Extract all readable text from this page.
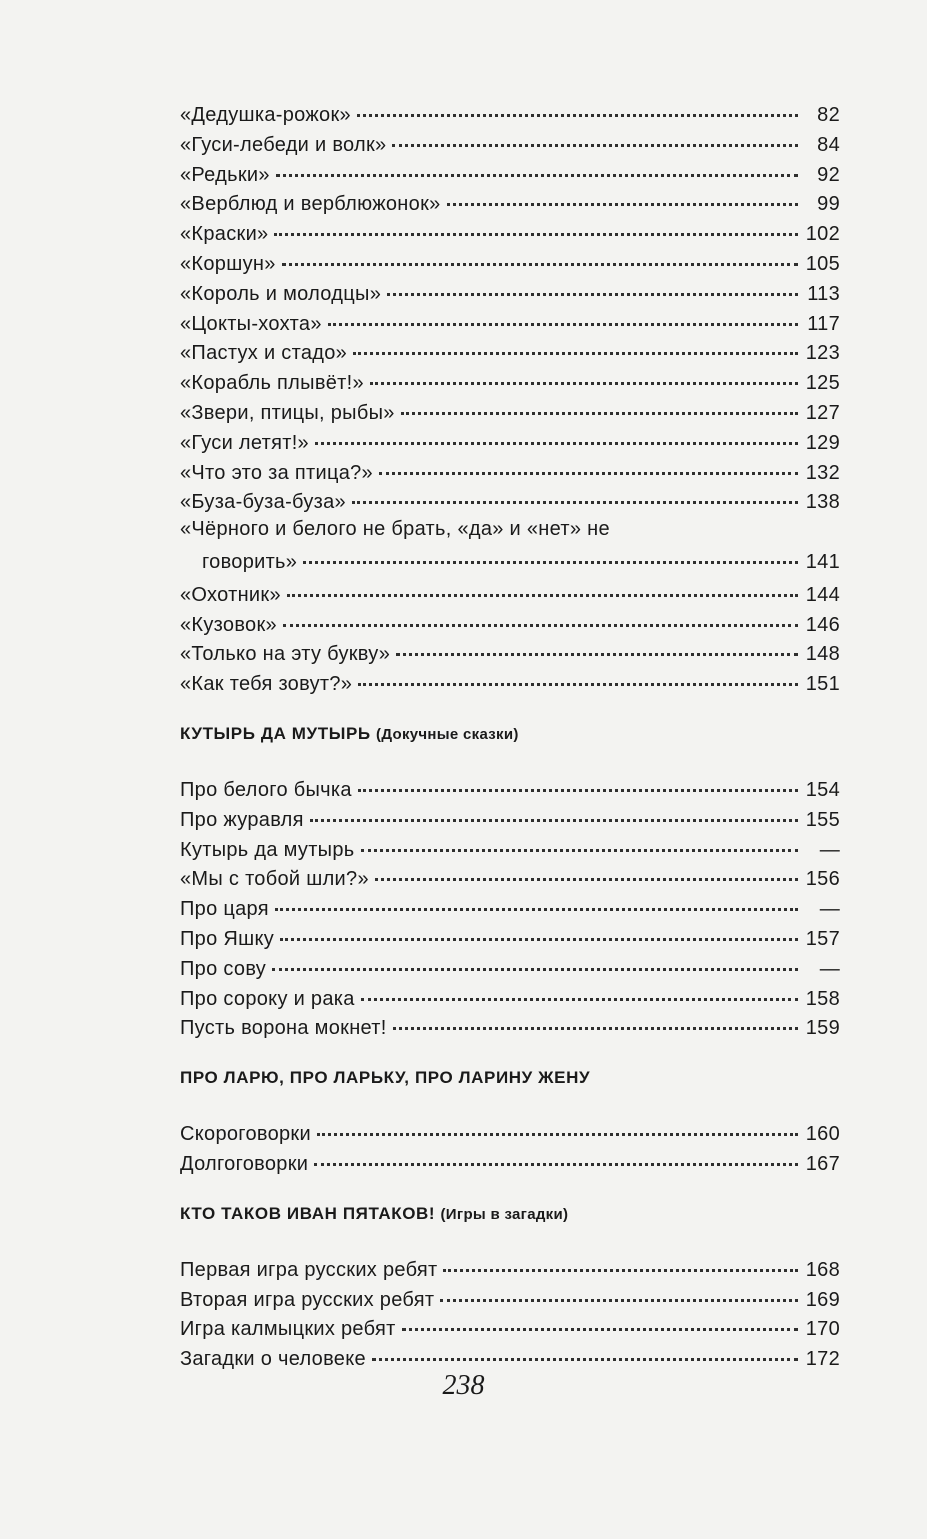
«Дедушка-рожок»	82
«Гуси-лебеди и волк»	84
«Редьки»	92
«Верблюд и верблюжонок»	99
«Краски»	102
«Коршун»	105
«Король и молодцы»	113
«Цокты-хохта»	117
«Пастух и стадо»	123
«Корабль плывёт!»	125
«Звери, птицы, рыбы»	127
«Гуси летят!»	129
«Что это за птица?»	132
«Буза-буза-буза»	138
«Чёрного и белого не брать, «да» и «нет» не
говорить»	141
«Охотник»	144
«Кузовок»	146
«Только на эту букву»	148
«Как тебя зовут?»	151
КУТЫРЬ ДА МУТЫРЬ (Докучные сказки)
Про белого бычка	154
Про журавля	155
Кутырь да мутырь	—
«Мы с тобой шли?»	156
Про царя	—
Про Яшку	157
Про сову	—
Про сороку и рака	158
Пусть ворона мокнет!	159
ПРО ЛАРЮ, ПРО ЛАРЬКУ, ПРО ЛАРИНУ ЖЕНУ
Скороговорки	160
Долгоговорки	167
КТО ТАКОВ ИВАН ПЯТАКОВ! (Игры в загадки)
Первая игра русских ребят	168
Вторая игра русских ребят	169
Игра калмыцких ребят	170
Загадки о человеке	172
238
